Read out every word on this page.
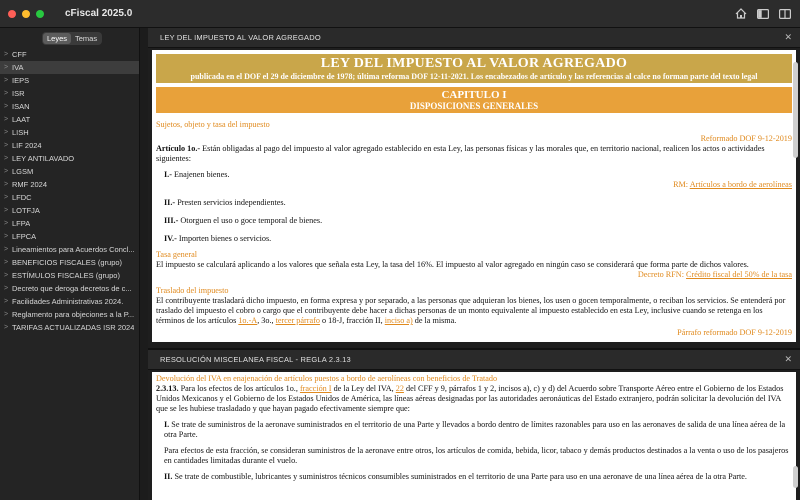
cFiscal 2025.0
Leyes	Temas
> CFF
> IVA
> IEPS
> ISR
> ISAN
> LAAT
> LISH
> LIF 2024
> LEY ANTILAVADO
> LGSM
> RMF 2024
> LFDC
> LOTFJA
> LFPA
> LFPCA
> Lineamientos para Acuerdos Concl...
> BENEFICIOS FISCALES (grupo)
> ESTÍMULOS FISCALES (grupo)
> Decreto que deroga decretos de c...
> Facilidades Administrativas 2024.
> Reglamento para objeciones a la P...
> TARIFAS ACTUALIZADAS ISR 2024
LEY DEL IMPUESTO AL VALOR AGREGADO	✕
LEY DEL IMPUESTO AL VALOR AGREGADO
publicada en el DOF el 29 de diciembre de 1978; última reforma DOF 12-11-2021. Los encabezados de artículo y las referencias al calce no forman parte del texto legal
CAPITULO I
DISPOSICIONES GENERALES
Sujetos, objeto y tasa del impuesto
Reformado DOF 9-12-2019
Artículo 1o.- Están obligadas al pago del impuesto al valor agregado establecido en esta Ley, las personas físicas y las morales que, en territorio nacional, realicen los actos o actividades siguientes:
I.- Enajenen bienes.
RM: Artículos a bordo de aerolíneas
II.- Presten servicios independientes.
III.- Otorguen el uso o goce temporal de bienes.
IV.- Importen bienes o servicios.
Tasa general
El impuesto se calculará aplicando a los valores que señala esta Ley, la tasa del 16%. El impuesto al valor agregado en ningún caso se considerará que forma parte de dichos valores.
Decreto RFN: Crédito fiscal del 50% de la tasa
Traslado del impuesto
El contribuyente trasladará dicho impuesto, en forma expresa y por separado, a las personas que adquieran los bienes, los usen o gocen temporalmente, o reciban los servicios. Se entenderá por traslado del impuesto el cobro o cargo que el contribuyente debe hacer a dichas personas de un monto equivalente al impuesto establecido en esta Ley, inclusive cuando se retenga en los términos de los artículos 1o.-A, 3o., tercer párrafo o 18-J, fracción II, inciso a) de la misma.
Párrafo reformado DOF 9-12-2019
RESOLUCIÓN MISCELANEA FISCAL - REGLA 2.3.13	✕
Devolución del IVA en enajenación de artículos puestos a bordo de aerolíneas con beneficios de Tratado
2.3.13. Para los efectos de los artículos 1o., fracción I de la Ley del IVA, 22 del CFF y 9, párrafos 1 y 2, incisos a), c) y d) del Acuerdo sobre Transporte Aéreo entre el Gobierno de los Estados Unidos Mexicanos y el Gobierno de los Estados Unidos de América, las líneas aéreas designadas por las autoridades aeronáuticas del Estado extranjero, podrán solicitar la devolución del IVA que se les hubiese trasladado y que hayan pagado efectivamente siempre que:
I. Se trate de suministros de la aeronave suministrados en el territorio de una Parte y llevados a bordo dentro de límites razonables para uso en las aeronaves de salida de una línea aérea de la otra Parte.
Para efectos de esta fracción, se consideran suministros de la aeronave entre otros, los artículos de comida, bebida, licor, tabaco y demás productos destinados a la venta o uso de los pasajeros en cantidades limitadas durante el vuelo.
II. Se trate de combustible, lubricantes y suministros técnicos consumibles suministrados en el territorio de una Parte para uso en una aeronave de una línea aérea de la otra Parte.
